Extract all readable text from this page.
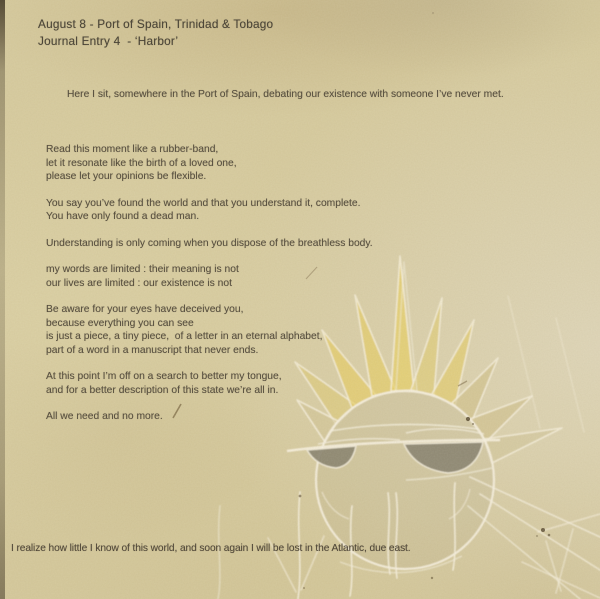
August 8 - Port of Spain, Trinidad & Tobago
Journal Entry 4  - ‘Harbor’
Here I sit, somewhere in the Port of Spain, debating our existence with someone I’ve never met.
Read this moment like a rubber-band,
let it resonate like the birth of a loved one,
please let your opinions be flexible.
You say you’ve found the world and that you understand it, complete.
You have only found a dead man.
Understanding is only coming when you dispose of the breathless body.
my words are limited : their meaning is not
our lives are limited : our existence is not
Be aware for your eyes have deceived you,
because everything you can see
is just a piece, a tiny piece,  of a letter in an eternal alphabet,
part of a word in a manuscript that never ends.
At this point I’m off on a search to better my tongue,
and for a better description of this state we’re all in.
All we need and no more.
I realize how little I know of this world, and soon again I will be lost in the Atlantic, due east.
